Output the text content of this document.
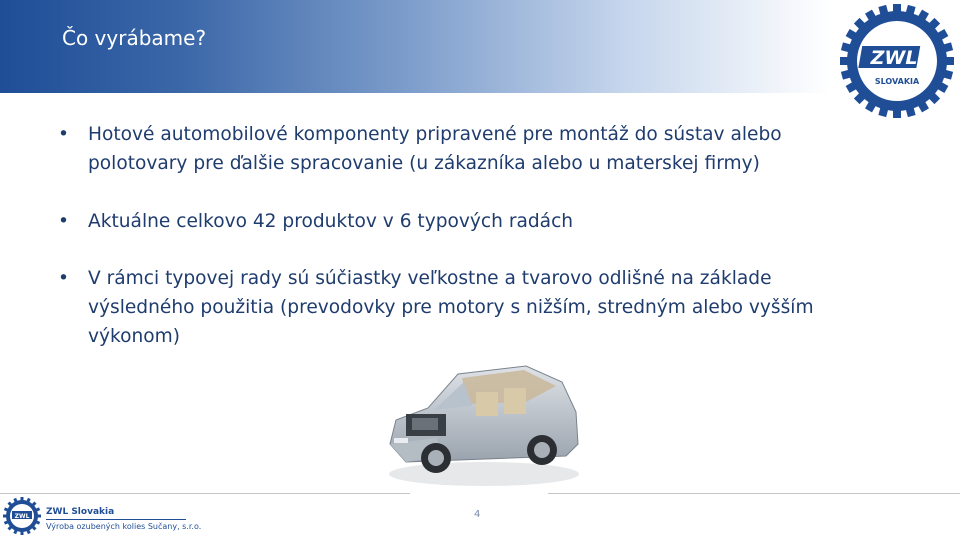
Čo vyrábame?
ZWL
SLOVAKIA
• Hotové automobilové komponenty pripravené pre montáž do sústav alebo polotovary pre ďalšie spracovanie (u zákazníka alebo u materskej firmy)
• Aktuálne celkovo 42 produktov v 6 typových radách
• V rámci typovej rady sú súčiastky veľkostne a tvarovo odlišné na základe výsledného použitia (prevodovky pre motory s nižším, stredným alebo vyšším výkonom)
4
ZWL ZWL Slovakia
Výroba ozubených kolies Sučany, s.r.o.
